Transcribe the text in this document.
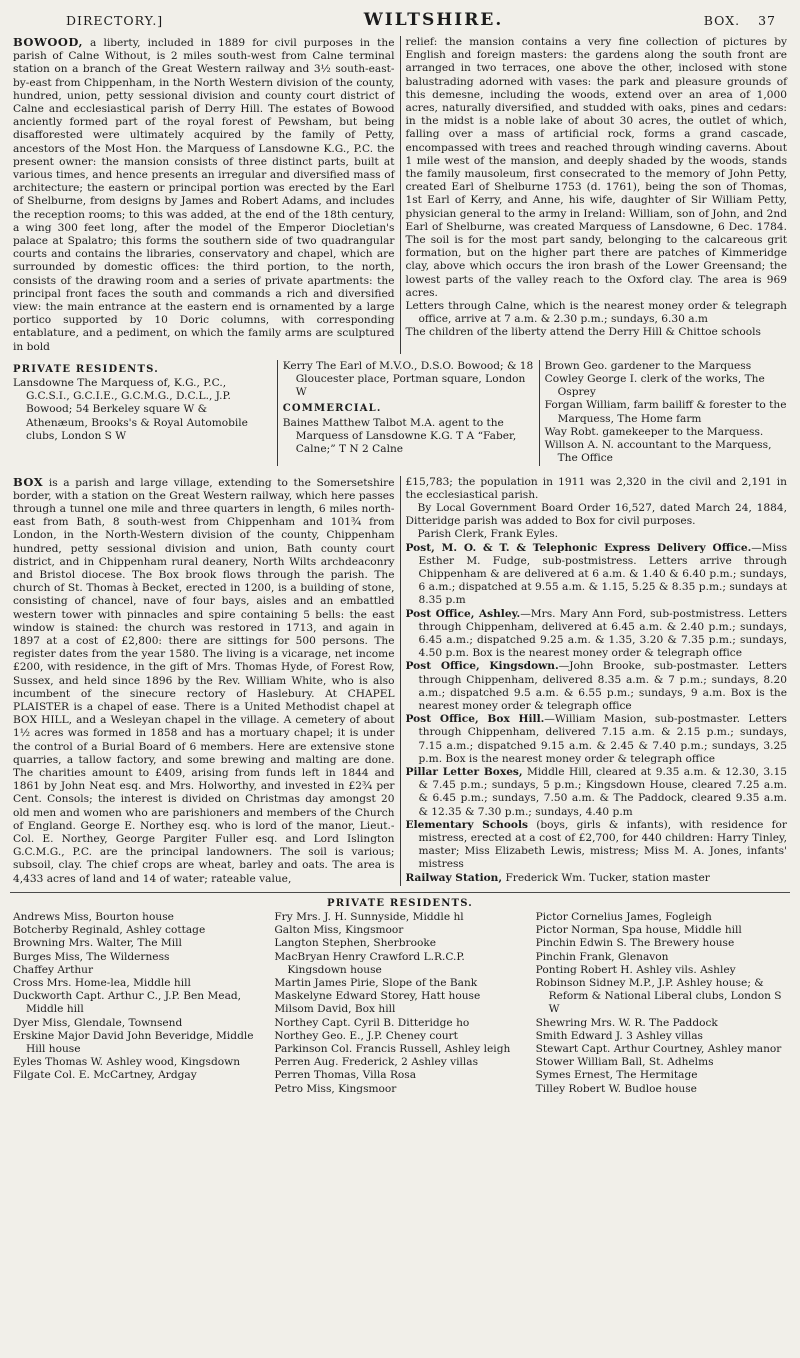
DIRECTORY.]	WILTSHIRE.	BOX. 37

BOWOOD, a liberty, included in 1889 for civil purposes in the parish of Calne Without, is 2 miles south-west from Calne terminal station on a branch of the Great Western railway and 3½ south-east-by-east from Chippenham, in the North Western division of the county, hundred, union, petty sessional division and county court district of Calne and ecclesiastical parish of Derry Hill. The estates of Bowood anciently formed part of the royal forest of Pewsham, but being disafforested were ultimately acquired by the family of Petty, ancestors of the Most Hon. the Marquess of Lansdowne K.G., P.C. the present owner: the mansion consists of three distinct parts, built at various times, and hence presents an irregular and diversified mass of architecture; the eastern or principal portion was erected by the Earl of Shelburne, from designs by James and Robert Adams, and includes the reception rooms; to this was added, at the end of the 18th century, a wing 300 feet long, after the model of the Emperor Diocletian's palace at Spalatro; this forms the southern side of two quadrangular courts and contains the libraries, conservatory and chapel, which are surrounded by domestic offices: the third portion, to the north, consists of the drawing room and a series of private apartments: the principal front faces the south and commands a rich and diversified view: the main entrance at the eastern end is ornamented by a large portico supported by 10 Doric columns, with corresponding entablature, and a pediment, on which the family arms are sculptured in bold

relief: the mansion contains a very fine collection of pictures by English and foreign masters: the gardens along the south front are arranged in two terraces, one above the other, inclosed with stone balustrading adorned with vases: the park and pleasure grounds of this demesne, including the woods, extend over an area of 1,000 acres, naturally diversified, and studded with oaks, pines and cedars: in the midst is a noble lake of about 30 acres, the outlet of which, falling over a mass of artificial rock, forms a grand cascade, encompassed with trees and reached through winding caverns. About 1 mile west of the mansion, and deeply shaded by the woods, stands the family mausoleum, first consecrated to the memory of John Petty, created Earl of Shelburne 1753 (d. 1761), being the son of Thomas, 1st Earl of Kerry, and Anne, his wife, daughter of Sir William Petty, physician general to the army in Ireland: William, son of John, and 2nd Earl of Shelburne, was created Marquess of Lansdowne, 6 Dec. 1784. The soil is for the most part sandy, belonging to the calcareous grit formation, but on the higher part there are patches of Kimmeridge clay, above which occurs the iron brash of the Lower Greensand; the lowest parts of the valley reach to the Oxford clay. The area is 969 acres.

Letters through Calne, which is the nearest money order & telegraph office, arrive at 7 a.m. & 2.30 p.m.; sundays, 6.30 a.m

The children of the liberty attend the Derry Hill & Chittoe schools

PRIVATE RESIDENTS.

Lansdowne The Marquess of, K.G., P.C., G.C.S.I., G.C.I.E., G.C.M.G., D.C.L., J.P. Bowood; 54 Berkeley square W & Athenæum, Brooks's & Royal Automobile clubs, London S W

Kerry The Earl of M.V.O., D.S.O. Bowood; & 18 Gloucester place, Portman square, London W

COMMERCIAL.

Baines Matthew Talbot M.A. agent to the Marquess of Lansdowne K.G. T A “Faber, Calne;” T N 2 Calne

Brown Geo. gardener to the Marquess

Cowley George I. clerk of the works, The Osprey

Forgan William, farm bailiff & forester to the Marquess, The Home farm

Way Robt. gamekeeper to the Marquess.

Willson A. N. accountant to the Marquess, The Office

BOX is a parish and large village, extending to the Somersetshire border, with a station on the Great Western railway, which here passes through a tunnel one mile and three quarters in length, 6 miles north-east from Bath, 8 south-west from Chippenham and 101¾ from London, in the North-Western division of the county, Chippenham hundred, petty sessional division and union, Bath county court district, and in Chippenham rural deanery, North Wilts archdeaconry and Bristol diocese. The Box brook flows through the parish. The church of St. Thomas à Becket, erected in 1200, is a building of stone, consisting of chancel, nave of four bays, aisles and an embattled western tower with pinnacles and spire containing 5 bells: the east window is stained: the church was restored in 1713, and again in 1897 at a cost of £2,800: there are sittings for 500 persons. The register dates from the year 1580. The living is a vicarage, net income £200, with residence, in the gift of Mrs. Thomas Hyde, of Forest Row, Sussex, and held since 1896 by the Rev. William White, who is also incumbent of the sinecure rectory of Haslebury. At CHAPEL PLAISTER is a chapel of ease. There is a United Methodist chapel at BOX HILL, and a Wesleyan chapel in the village. A cemetery of about 1½ acres was formed in 1858 and has a mortuary chapel; it is under the control of a Burial Board of 6 members. Here are extensive stone quarries, a tallow factory, and some brewing and malting are done. The charities amount to £409, arising from funds left in 1844 and 1861 by John Neat esq. and Mrs. Holworthy, and invested in £2¾ per Cent. Consols; the interest is divided on Christmas day amongst 20 old men and women who are parishioners and members of the Church of England. George E. Northey esq. who is lord of the manor, Lieut.-Col. E. Northey, George Pargiter Fuller esq. and Lord Islington G.C.M.G., P.C. are the principal landowners. The soil is various; subsoil, clay. The chief crops are wheat, barley and oats. The area is 4,433 acres of land and 14 of water; rateable value,

£15,783; the population in 1911 was 2,320 in the civil and 2,191 in the ecclesiastical parish.

By Local Government Board Order 16,527, dated March 24, 1884, Ditteridge parish was added to Box for civil purposes.

Parish Clerk, Frank Eyles.

Post, M. O. & T. & Telephonic Express Delivery Office.—Miss Esther M. Fudge, sub-postmistress. Letters arrive through Chippenham & are delivered at 6 a.m. & 1.40 & 6.40 p.m.; sundays, 6 a.m.; dispatched at 9.55 a.m. & 1.15, 5.25 & 8.35 p.m.; sundays at 8.35 p.m

Post Office, Ashley.—Mrs. Mary Ann Ford, sub-postmistress. Letters through Chippenham, delivered at 6.45 a.m. & 2.40 p.m.; sundays, 6.45 a.m.; dispatched 9.25 a.m. & 1.35, 3.20 & 7.35 p.m.; sundays, 4.50 p.m. Box is the nearest money order & telegraph office

Post Office, Kingsdown.—John Brooke, sub-postmaster. Letters through Chippenham, delivered 8.35 a.m. & 7 p.m.; sundays, 8.20 a.m.; dispatched 9.5 a.m. & 6.55 p.m.; sundays, 9 a.m. Box is the nearest money order & telegraph office

Post Office, Box Hill.—William Masion, sub-postmaster. Letters through Chippenham, delivered 7.15 a.m. & 2.15 p.m.; sundays, 7.15 a.m.; dispatched 9.15 a.m. & 2.45 & 7.40 p.m.; sundays, 3.25 p.m. Box is the nearest money order & telegraph office

Pillar Letter Boxes, Middle Hill, cleared at 9.35 a.m. & 12.30, 3.15 & 7.45 p.m.; sundays, 5 p.m.; Kingsdown House, cleared 7.25 a.m. & 6.45 p.m.; sundays, 7.50 a.m. & The Paddock, cleared 9.35 a.m. & 12.35 & 7.30 p.m.; sundays, 4.40 p.m

Elementary Schools (boys, girls & infants), with residence for mistress, erected at a cost of £2,700, for 440 children: Harry Tinley, master; Miss Elizabeth Lewis, mistress; Miss M. A. Jones, infants' mistress

Railway Station, Frederick Wm. Tucker, station master

PRIVATE RESIDENTS.

Andrews Miss, Bourton house

Botcherby Reginald, Ashley cottage

Browning Mrs. Walter, The Mill

Burges Miss, The Wilderness

Chaffey Arthur

Cross Mrs. Home-lea, Middle hill

Duckworth Capt. Arthur C., J.P. Ben Mead, Middle hill

Dyer Miss, Glendale, Townsend

Erskine Major David John Beveridge, Middle Hill house

Eyles Thomas W. Ashley wood, Kingsdown

Filgate Col. E. McCartney, Ardgay

Fry Mrs. J. H. Sunnyside, Middle hl

Galton Miss, Kingsmoor

Langton Stephen, Sherbrooke

MacBryan Henry Crawford L.R.C.P. Kingsdown house

Martin James Pirie, Slope of the Bank

Maskelyne Edward Storey, Hatt house

Milsom David, Box hill

Northey Capt. Cyril B. Ditteridge ho

Northey Geo. E., J.P. Cheney court

Parkinson Col. Francis Russell, Ashley leigh

Perren Aug. Frederick, 2 Ashley villas

Perren Thomas, Villa Rosa

Petro Miss, Kingsmoor

Pictor Cornelius James, Fogleigh

Pictor Norman, Spa house, Middle hill

Pinchin Edwin S. The Brewery house

Pinchin Frank, Glenavon

Ponting Robert H. Ashley vils. Ashley

Robinson Sidney M.P., J.P. Ashley house; & Reform & National Liberal clubs, London S W

Shewring Mrs. W. R. The Paddock

Smith Edward J. 3 Ashley villas

Stewart Capt. Arthur Courtney, Ashley manor

Stower William Ball, St. Adhelms

Symes Ernest, The Hermitage

Tilley Robert W. Budloe house
